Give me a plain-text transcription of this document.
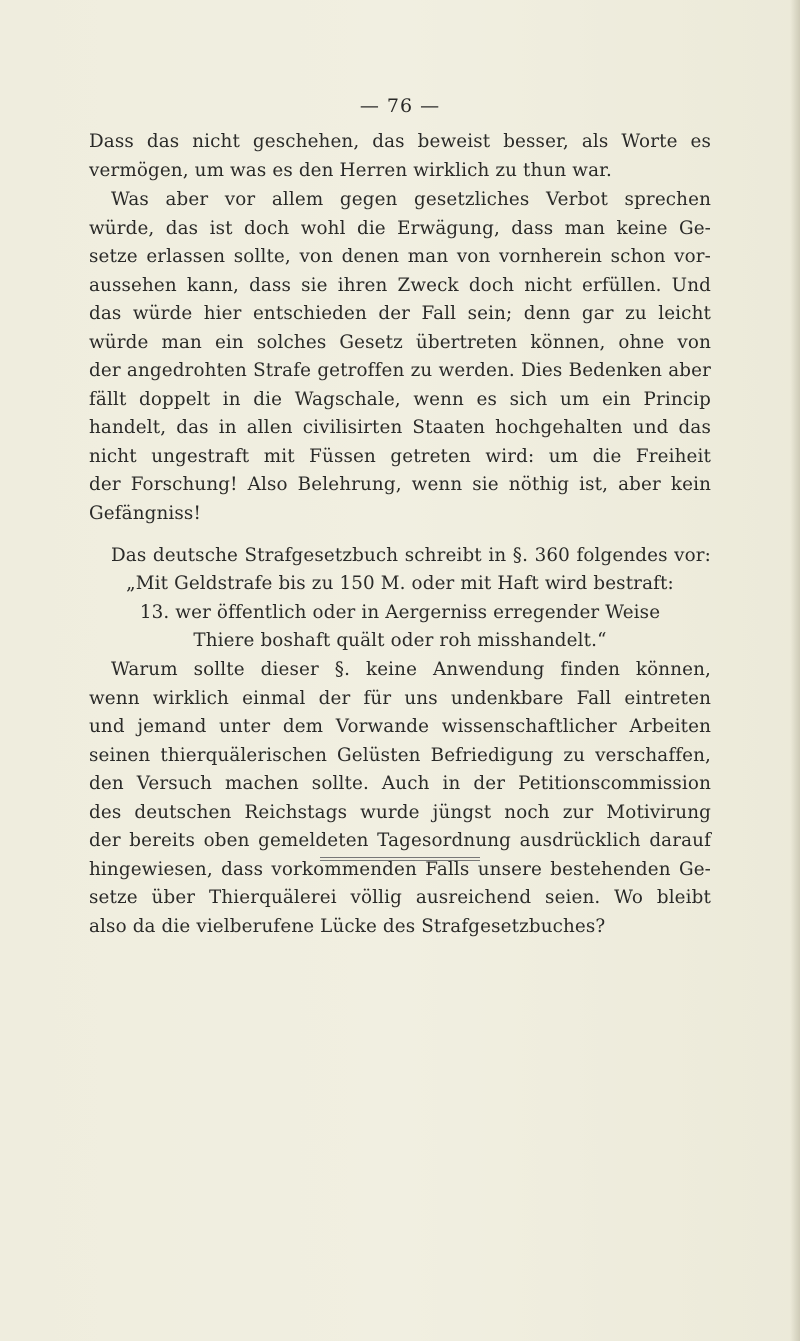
— 76 —
Dass das nicht geschehen, das beweist besser, als Worte es
vermögen, um was es den Herren wirklich zu thun war.
Was aber vor allem gegen gesetzliches Verbot sprechen
würde, das ist doch wohl die Erwägung, dass man keine Ge-
setze erlassen sollte, von denen man von vornherein schon vor-
aussehen kann, dass sie ihren Zweck doch nicht erfüllen. Und
das würde hier entschieden der Fall sein; denn gar zu leicht
würde man ein solches Gesetz übertreten können, ohne von
der angedrohten Strafe getroffen zu werden. Dies Bedenken aber
fällt doppelt in die Wagschale, wenn es sich um ein Princip
handelt, das in allen civilisirten Staaten hochgehalten und das
nicht ungestraft mit Füssen getreten wird: um die Freiheit
der Forschung! Also Belehrung, wenn sie nöthig ist, aber kein
Gefängniss!
Das deutsche Strafgesetzbuch schreibt in §. 360 folgendes vor:
„Mit Geldstrafe bis zu 150 M. oder mit Haft wird bestraft:
13. wer öffentlich oder in Aergerniss erregender Weise
Thiere boshaft quält oder roh misshandelt.“
Warum sollte dieser §. keine Anwendung finden können,
wenn wirklich einmal der für uns undenkbare Fall eintreten
und jemand unter dem Vorwande wissenschaftlicher Arbeiten
seinen thierquälerischen Gelüsten Befriedigung zu verschaffen,
den Versuch machen sollte. Auch in der Petitionscommission
des deutschen Reichstags wurde jüngst noch zur Motivirung
der bereits oben gemeldeten Tagesordnung ausdrücklich darauf
hingewiesen, dass vorkommenden Falls unsere bestehenden Ge-
setze über Thierquälerei völlig ausreichend seien. Wo bleibt
also da die vielberufene Lücke des Strafgesetzbuches?
